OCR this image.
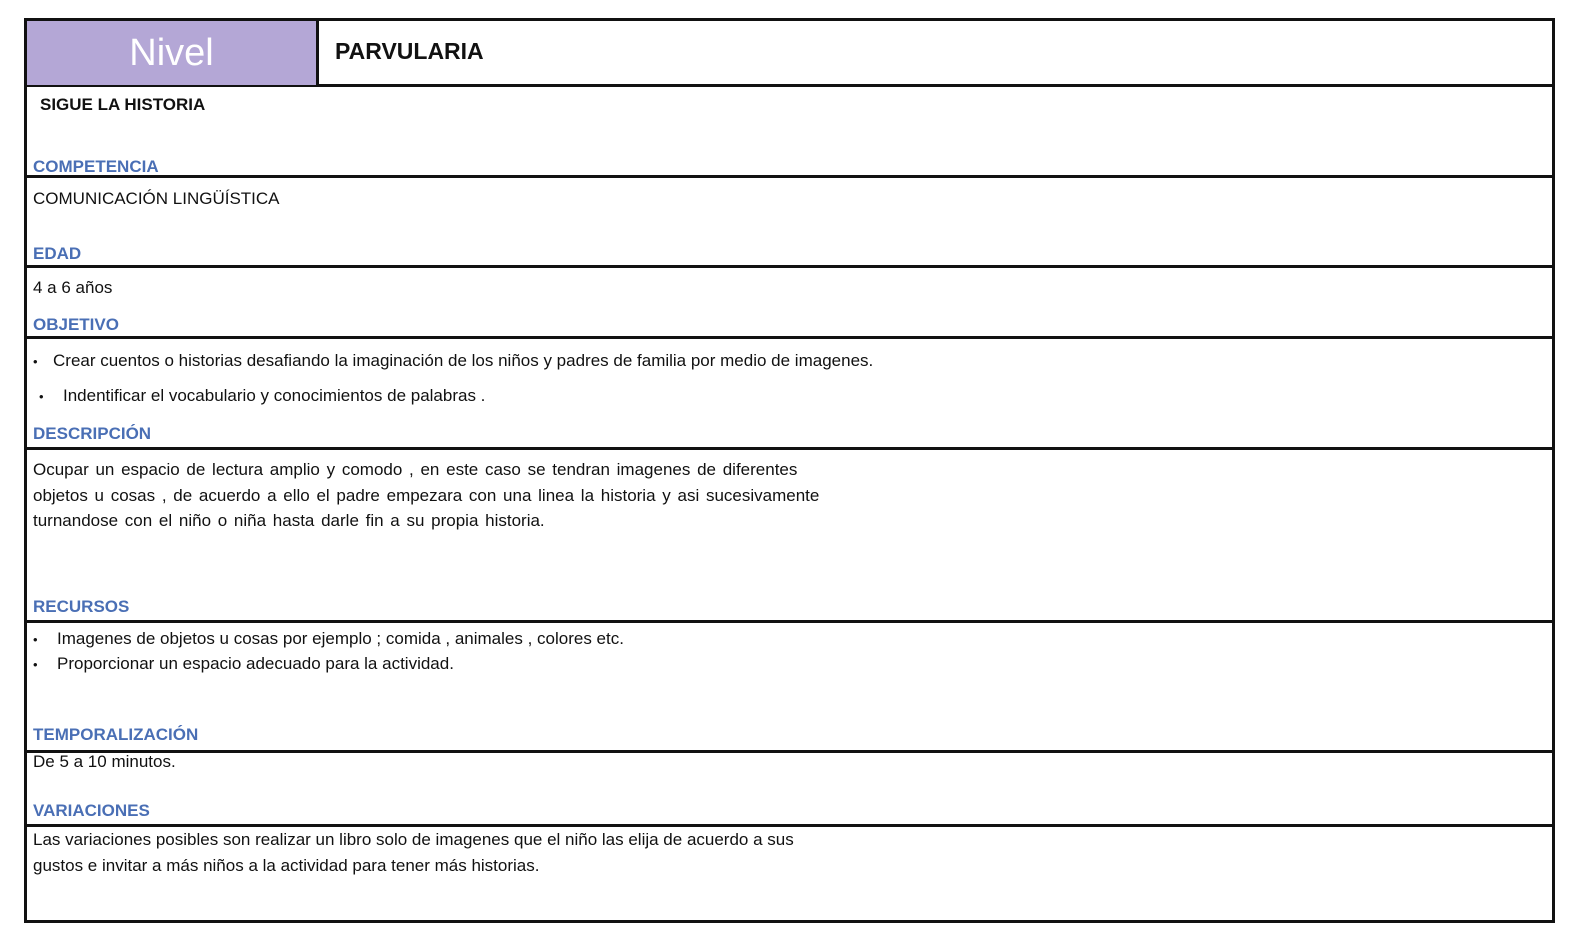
Nivel	PARVULARIA
SIGUE LA HISTORIA
COMPETENCIA
COMUNICACIÓN LINGÜÍSTICA
EDAD
4 a 6 años
OBJETIVO
• Crear cuentos o historias desafiando la imaginación de los niños y padres de familia por medio de imagenes.
• Indentificar el vocabulario y conocimientos de palabras .
DESCRIPCIÓN
Ocupar un espacio de lectura amplio y comodo , en este caso se tendran imagenes de diferentes
objetos u cosas , de acuerdo a ello el padre empezara con una linea la historia y asi sucesivamente
turnandose con el niño o niña hasta darle fin a su propia historia.
RECURSOS
• Imagenes de objetos u cosas por ejemplo ; comida , animales , colores etc.
• Proporcionar un espacio adecuado para la actividad.
TEMPORALIZACIÓN
De 5 a 10 minutos.
VARIACIONES
Las variaciones posibles son realizar un libro solo de imagenes que el niño las elija de acuerdo a sus
gustos e invitar a más niños a la actividad para tener más historias.
